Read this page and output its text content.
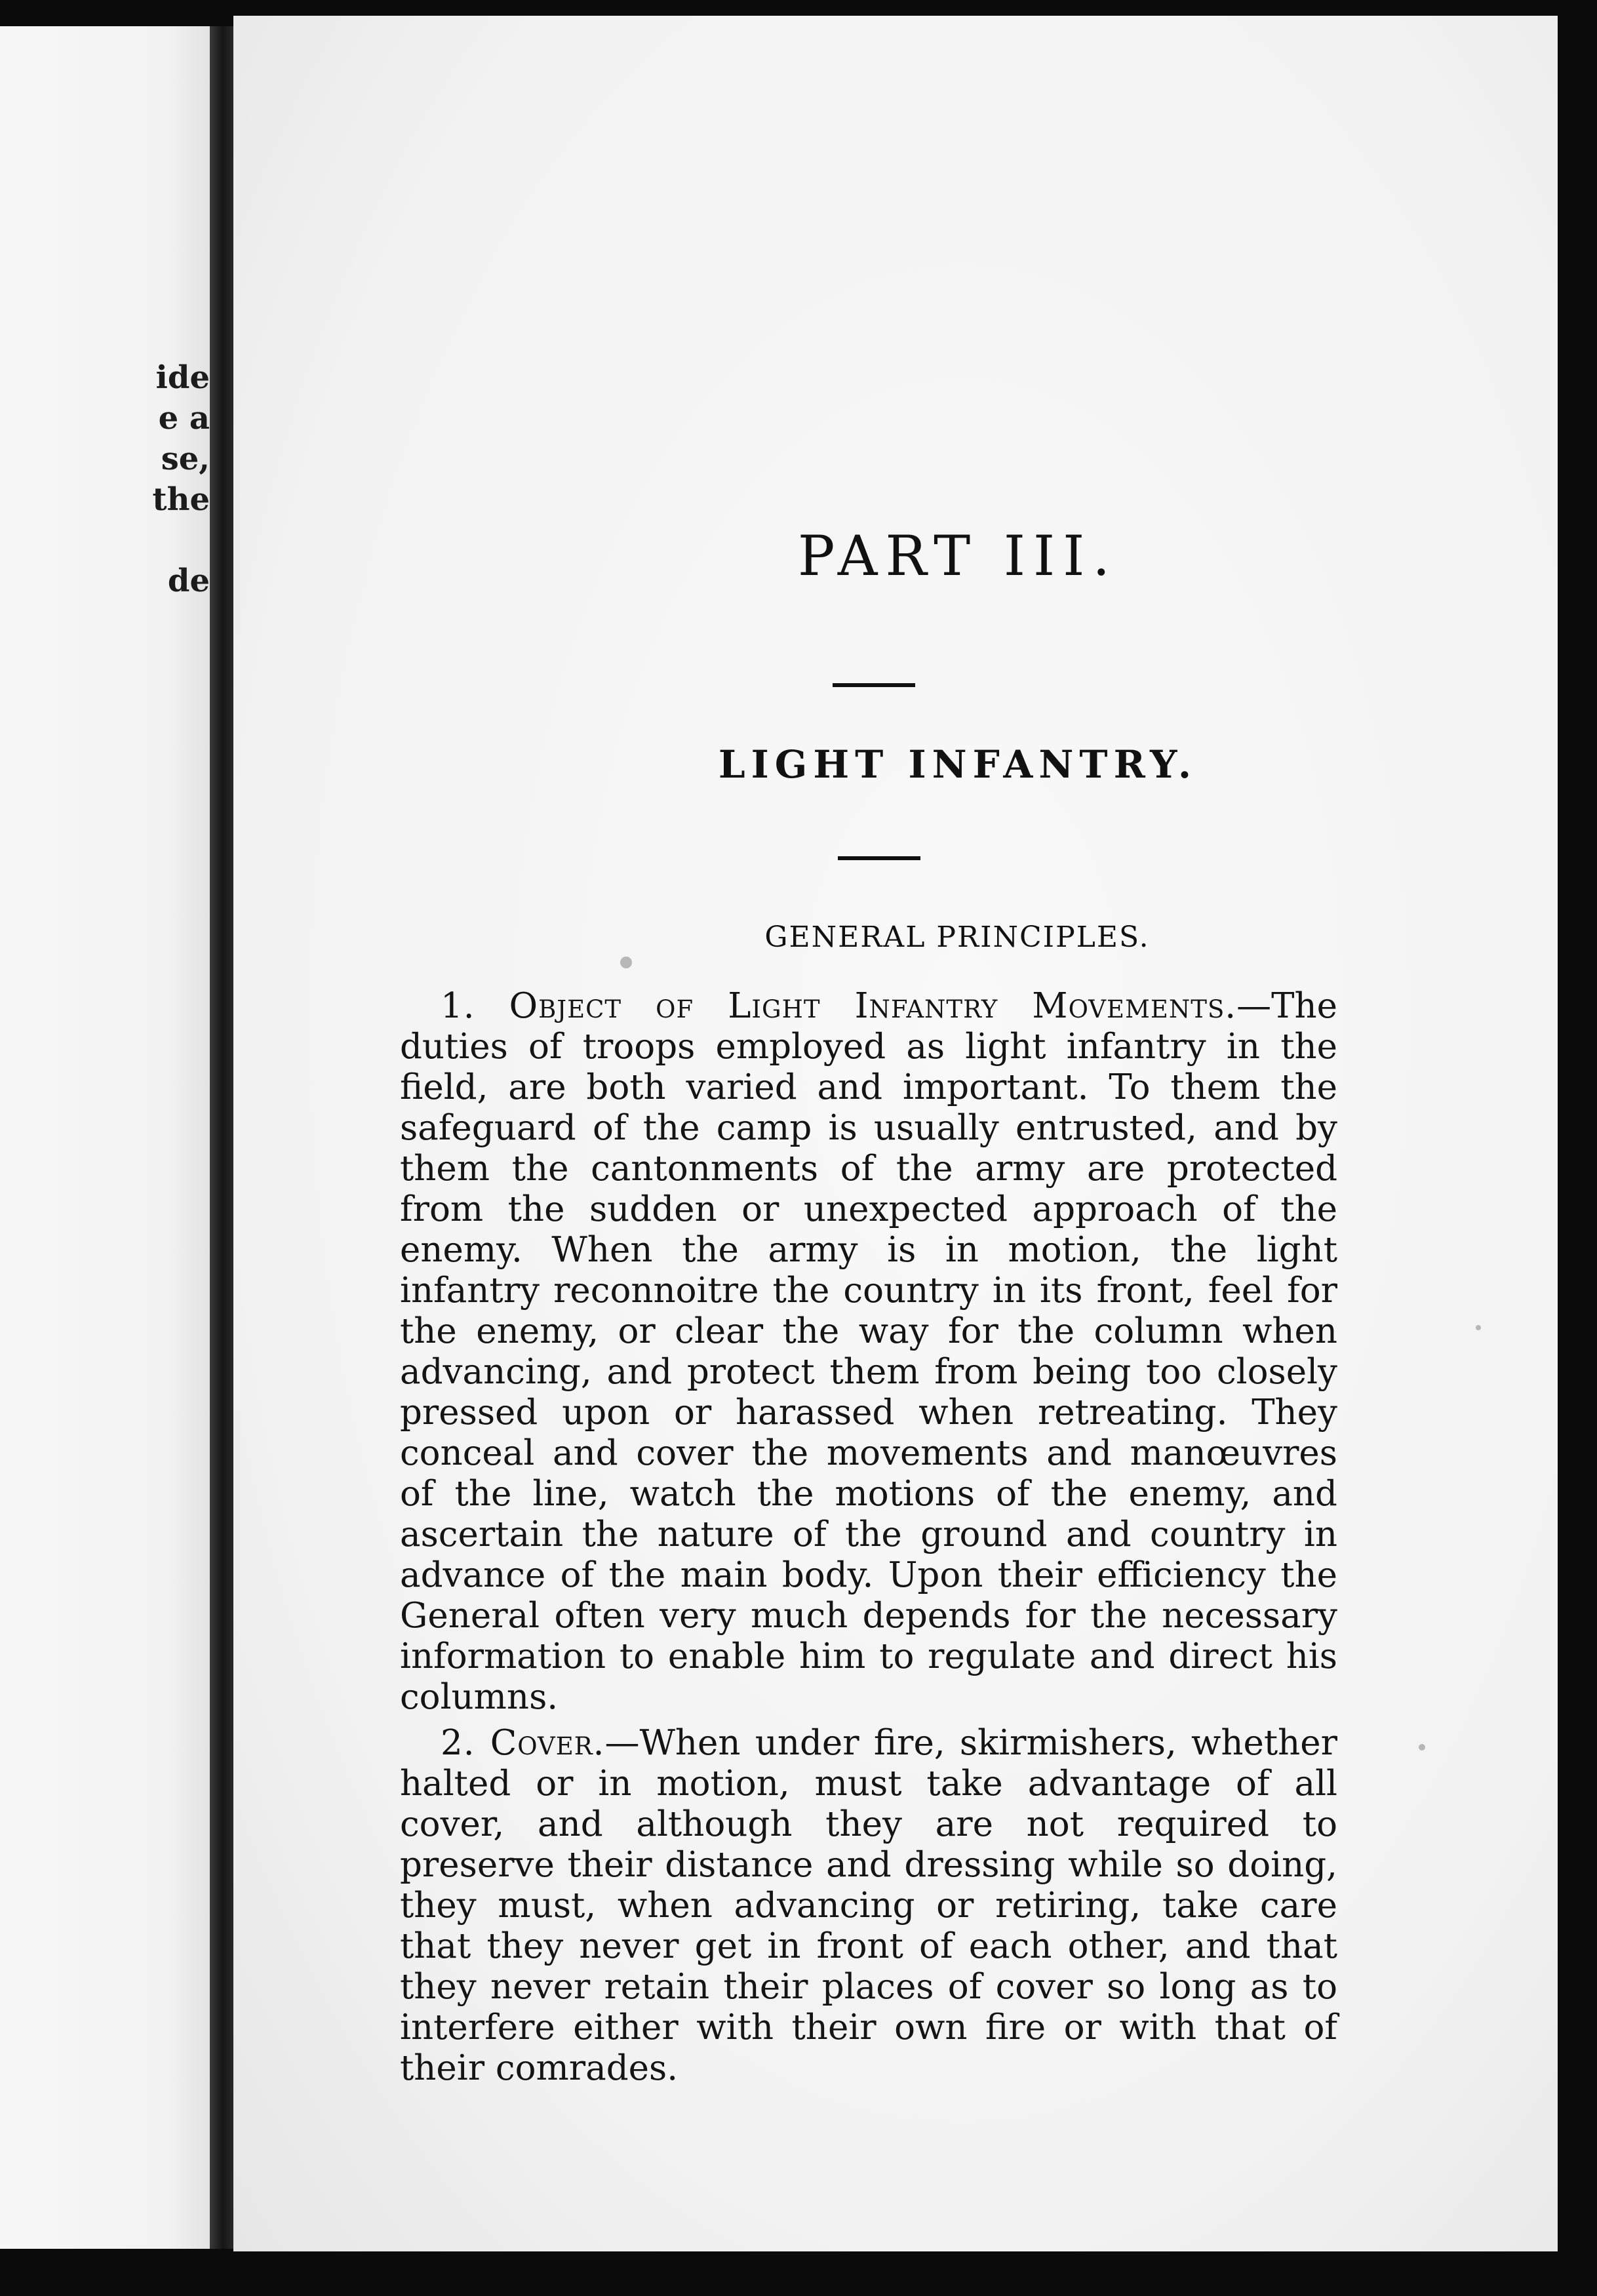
ide
e a
se,
the
de	PART III.
LIGHT INFANTRY.
GENERAL PRINCIPLES.

1. Object of Light Infantry Movements.—The duties of troops employed as light infantry in the field, are both varied and important. To them the safeguard of the camp is usually entrusted, and by them the cantonments of the army are protected from the sudden or unexpected approach of the enemy. When the army is in motion, the light infantry reconnoitre the country in its front, feel for the enemy, or clear the way for the column when advancing, and protect them from being too closely pressed upon or harassed when retreating. They conceal and cover the movements and manœuvres of the line, watch the motions of the enemy, and ascertain the nature of the ground and country in advance of the main body. Upon their efficiency the General often very much depends for the necessary information to enable him to regulate and direct his columns.

2. Cover.—When under fire, skirmishers, whether halted or in motion, must take advantage of all cover, and although they are not required to preserve their distance and dressing while so doing, they must, when advancing or retiring, take care that they never get in front of each other, and that they never retain their places of cover so long as to interfere either with their own fire or with that of their comrades.
